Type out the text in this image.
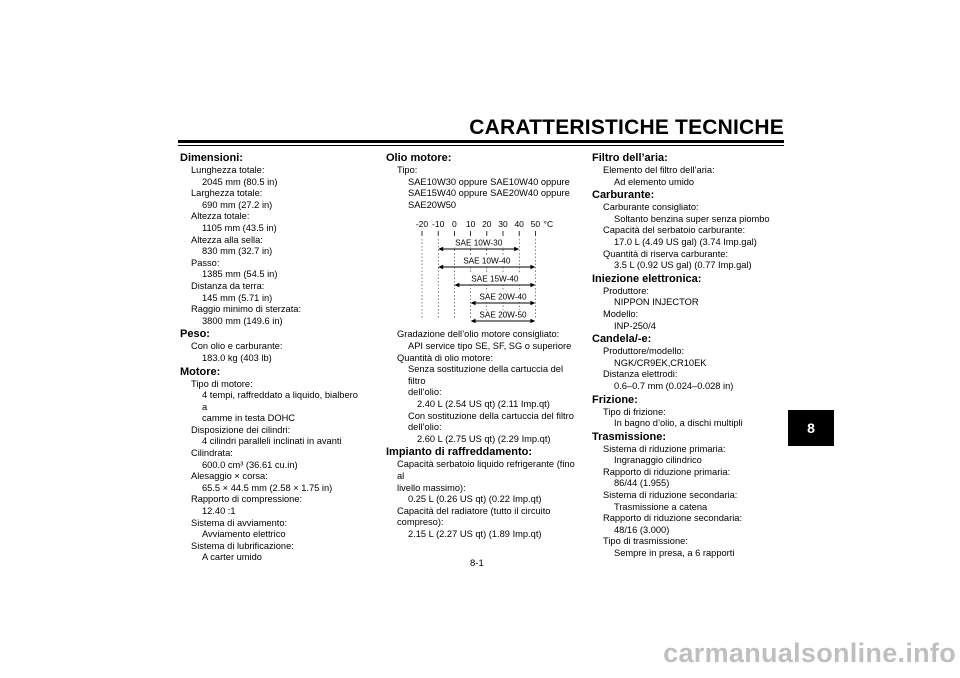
CARATTERISTICHE TECNICHE
8
Dimensioni:
Lunghezza totale:
2045 mm (80.5 in)
Larghezza totale:
690 mm (27.2 in)
Altezza totale:
1105 mm (43.5 in)
Altezza alla sella:
830 mm (32.7 in)
Passo:
1385 mm (54.5 in)
Distanza da terra:
145 mm (5.71 in)
Raggio minimo di sterzata:
3800 mm (149.6 in)
Peso:
Con olio e carburante:
183.0 kg (403 lb)
Motore:
Tipo di motore:
4 tempi, raffreddato a liquido, bialbero a
camme in testa DOHC
Disposizione dei cilindri:
4 cilindri paralleli inclinati in avanti
Cilindrata:
600.0 cm³ (36.61 cu.in)
Alesaggio × corsa:
65.5 × 44.5 mm (2.58 × 1.75 in)
Rapporto di compressione:
12.40 :1
Sistema di avviamento:
Avviamento elettrico
Sistema di lubrificazione:
A carter umido
Olio motore:
Tipo:
SAE10W30 oppure SAE10W40 oppure
SAE15W40 oppure SAE20W40 oppure
SAE20W50
-20 -10 0 10 20 30 40 50 °C
SAE 10W-30
SAE 10W-40
SAE 15W-40
SAE 20W-40
SAE 20W-50
Gradazione dell’olio motore consigliato:
API service tipo SE, SF, SG o superiore
Quantità di olio motore:
Senza sostituzione della cartuccia del filtro
dell’olio:
2.40 L (2.54 US qt) (2.11 Imp.qt)
Con sostituzione della cartuccia del filtro
dell’olio:
2.60 L (2.75 US qt) (2.29 Imp.qt)
Impianto di raffreddamento:
Capacità serbatoio liquido refrigerante (fino al
livello massimo):
0.25 L (0.26 US qt) (0.22 Imp.qt)
Capacità del radiatore (tutto il circuito
compreso):
2.15 L (2.27 US qt) (1.89 Imp.qt)
Filtro dell’aria:
Elemento del filtro dell’aria:
Ad elemento umido
Carburante:
Carburante consigliato:
Soltanto benzina super senza piombo
Capacità del serbatoio carburante:
17.0 L (4.49 US gal) (3.74 Imp.gal)
Quantità di riserva carburante:
3.5 L (0.92 US gal) (0.77 Imp.gal)
Iniezione elettronica:
Produttore:
NIPPON INJECTOR
Modello:
INP-250/4
Candela/-e:
Produttore/modello:
NGK/CR9EK,CR10EK
Distanza elettrodi:
0.6–0.7 mm (0.024–0.028 in)
Frizione:
Tipo di frizione:
In bagno d’olio, a dischi multipli
Trasmissione:
Sistema di riduzione primaria:
Ingranaggio cilindrico
Rapporto di riduzione primaria:
86/44 (1.955)
Sistema di riduzione secondaria:
Trasmissione a catena
Rapporto di riduzione secondaria:
48/16 (3.000)
Tipo di trasmissione:
Sempre in presa, a 6 rapporti
8-1
carmanualsonline.info
